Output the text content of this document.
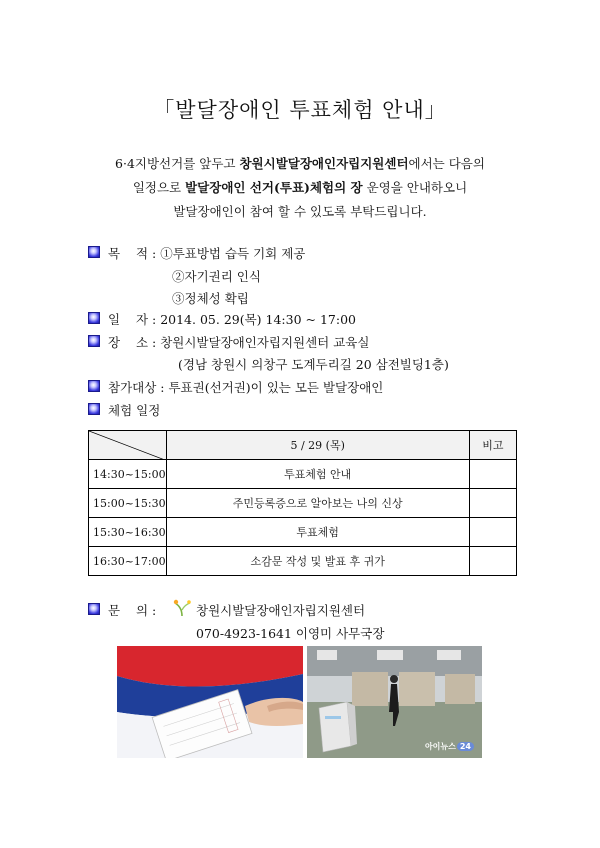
「발달장애인 투표체험 안내」
6·4지방선거를 앞두고 창원시발달장애인자립지원센터에서는 다음의
일정으로 발달장애인 선거(투표)체험의 장 운영을 안내하오니
발달장애인이 참여 할 수 있도록 부탁드립니다.
목    적 : ①투표방법 습득 기회 제공
②자기권리 인식
③정체성 확립
일    자 : 2014. 05. 29(목) 14:30 ~ 17:00
장    소 : 창원시발달장애인자립지원센터 교육실
(경남 창원시 의창구 도계두리길 20 삼전빌딩1층)
참가대상 : 투표권(선거권)이 있는 모든 발달장애인
체험 일정
	5 / 29 (목)	비고
14:30~15:00	투표체험 안내	
15:00~15:30	주민등록증으로 알아보는 나의 신상	
15:30~16:30	투표체험	
16:30~17:00	소감문 작성 및 발표 후 귀가	
문    의 :	창원시발달장애인자립지원센터
070-4923-1641 이영미 사무국장
아이뉴스 24
